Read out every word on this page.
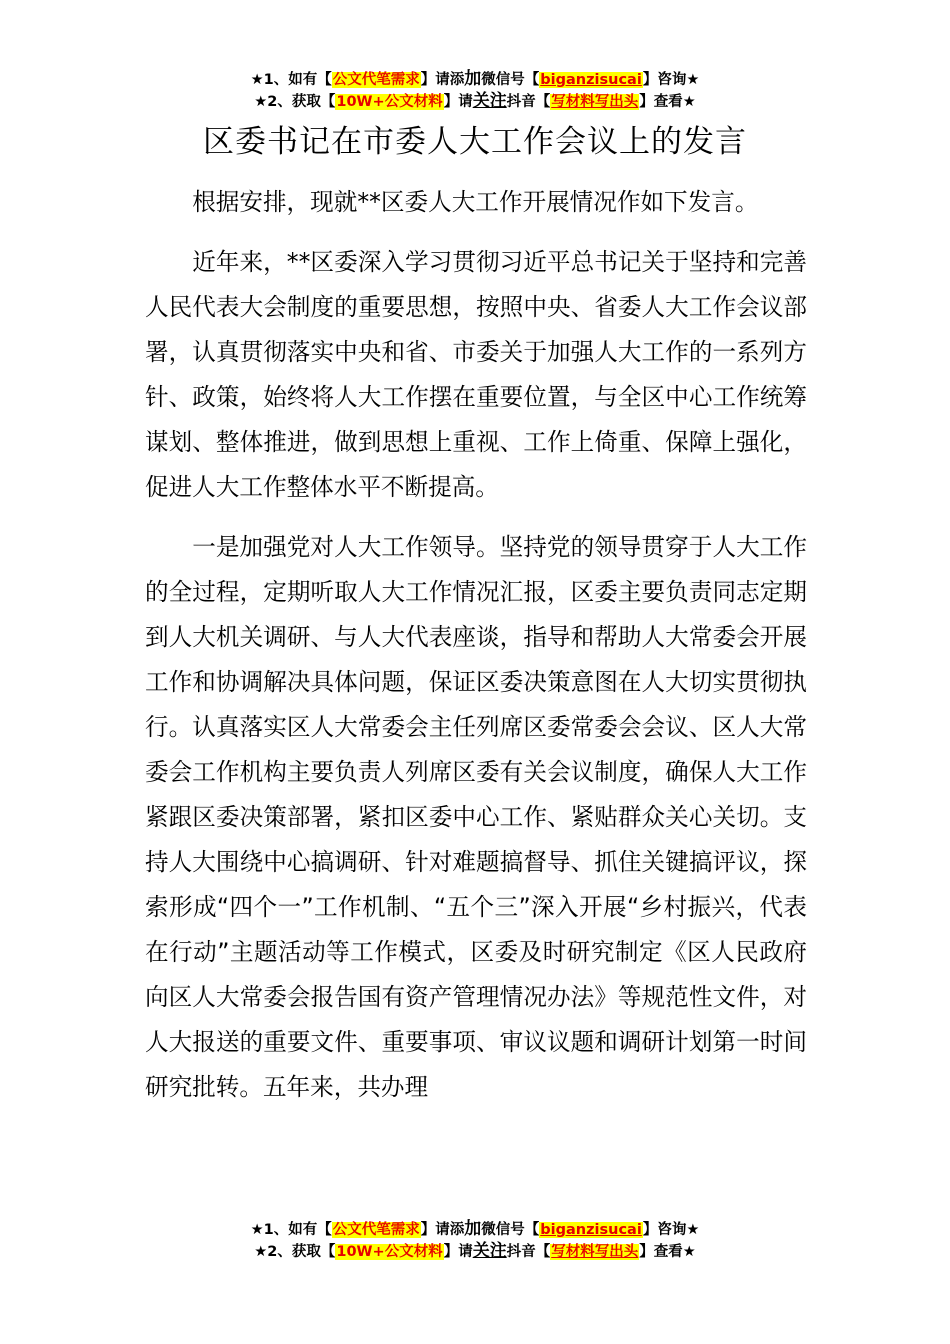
★1、如有【公文代笔需求】请添加微信号【biganzisucai】咨询★
★2、获取【10W+公文材料】请关注抖音【写材料写出头】查看★
区委书记在市委人大工作会议上的发言

根据安排，现就**区委人大工作开展情况作如下发言。

近年来，**区委深入学习贯彻习近平总书记关于坚持和完善人民代表大会制度的重要思想，按照中央、省委人大工作会议部署，认真贯彻落实中央和省、市委关于加强人大工作的一系列方针、政策，始终将人大工作摆在重要位置，与全区中心工作统筹谋划、整体推进，做到思想上重视、工作上倚重、保障上强化，促进人大工作整体水平不断提高。

一是加强党对人大工作领导。坚持党的领导贯穿于人大工作的全过程，定期听取人大工作情况汇报，区委主要负责同志定期到人大机关调研、与人大代表座谈，指导和帮助人大常委会开展工作和协调解决具体问题，保证区委决策意图在人大切实贯彻执行。认真落实区人大常委会主任列席区委常委会会议、区人大常委会工作机构主要负责人列席区委有关会议制度，确保人大工作紧跟区委决策部署，紧扣区委中心工作、紧贴群众关心关切。支持人大围绕中心搞调研、针对难题搞督导、抓住关键搞评议，探索形成“四个一”工作机制、“五个三”深入开展“乡村振兴，代表在行动”主题活动等工作模式，区委及时研究制定《区人民政府向区人大常委会报告国有资产管理情况办法》等规范性文件，对人大报送的重要文件、重要事项、审议议题和调研计划第一时间研究批转。五年来，共办理

★1、如有【公文代笔需求】请添加微信号【biganzisucai】咨询★
★2、获取【10W+公文材料】请关注抖音【写材料写出头】查看★
